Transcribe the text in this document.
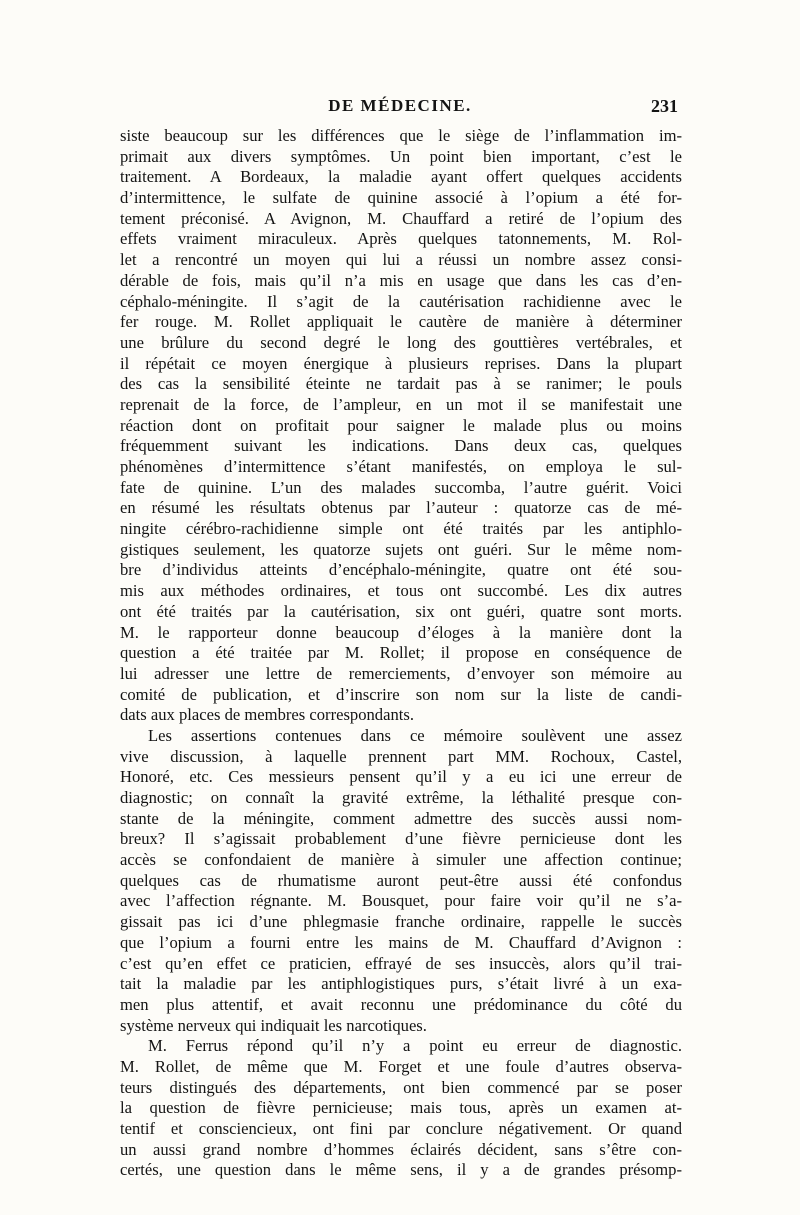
DE MÉDECINE.	231
siste beaucoup sur les différences que le siège de l’inflammation im-
primait aux divers symptômes. Un point bien important, c’est le
traitement. A Bordeaux, la maladie ayant offert quelques accidents
d’intermittence, le sulfate de quinine associé à l’opium a été for-
tement préconisé. A Avignon, M. Chauffard a retiré de l’opium des
effets vraiment miraculeux. Après quelques tatonnements, M. Rol-
let a rencontré un moyen qui lui a réussi un nombre assez consi-
dérable de fois, mais qu’il n’a mis en usage que dans les cas d’en-
céphalo-méningite. Il s’agit de la cautérisation rachidienne avec le
fer rouge. M. Rollet appliquait le cautère de manière à déterminer
une brûlure du second degré le long des gouttières vertébrales, et
il répétait ce moyen énergique à plusieurs reprises. Dans la plupart
des cas la sensibilité éteinte ne tardait pas à se ranimer; le pouls
reprenait de la force, de l’ampleur, en un mot il se manifestait une
réaction dont on profitait pour saigner le malade plus ou moins
fréquemment suivant les indications. Dans deux cas, quelques
phénomènes d’intermittence s’étant manifestés, on employa le sul-
fate de quinine. L’un des malades succomba, l’autre guérit. Voici
en résumé les résultats obtenus par l’auteur : quatorze cas de mé-
ningite cérébro-rachidienne simple ont été traités par les antiphlo-
gistiques seulement, les quatorze sujets ont guéri. Sur le même nom-
bre d’individus atteints d’encéphalo-méningite, quatre ont été sou-
mis aux méthodes ordinaires, et tous ont succombé. Les dix autres
ont été traités par la cautérisation, six ont guéri, quatre sont morts.
M. le rapporteur donne beaucoup d’éloges à la manière dont la
question a été traitée par M. Rollet; il propose en conséquence de
lui adresser une lettre de remerciements, d’envoyer son mémoire au
comité de publication, et d’inscrire son nom sur la liste de candi-
dats aux places de membres correspondants.
Les assertions contenues dans ce mémoire soulèvent une assez
vive discussion, à laquelle prennent part MM. Rochoux, Castel,
Honoré, etc. Ces messieurs pensent qu’il y a eu ici une erreur de
diagnostic; on connaît la gravité extrême, la léthalité presque con-
stante de la méningite, comment admettre des succès aussi nom-
breux? Il s’agissait probablement d’une fièvre pernicieuse dont les
accès se confondaient de manière à simuler une affection continue;
quelques cas de rhumatisme auront peut-être aussi été confondus
avec l’affection régnante. M. Bousquet, pour faire voir qu’il ne s’a-
gissait pas ici d’une phlegmasie franche ordinaire, rappelle le succès
que l’opium a fourni entre les mains de M. Chauffard d’Avignon :
c’est qu’en effet ce praticien, effrayé de ses insuccès, alors qu’il trai-
tait la maladie par les antiphlogistiques purs, s’était livré à un exa-
men plus attentif, et avait reconnu une prédominance du côté du
système nerveux qui indiquait les narcotiques.
M. Ferrus répond qu’il n’y a point eu erreur de diagnostic.
M. Rollet, de même que M. Forget et une foule d’autres observa-
teurs distingués des départements, ont bien commencé par se poser
la question de fièvre pernicieuse; mais tous, après un examen at-
tentif et consciencieux, ont fini par conclure négativement. Or quand
un aussi grand nombre d’hommes éclairés décident, sans s’être con-
certés, une question dans le même sens, il y a de grandes présomp-
